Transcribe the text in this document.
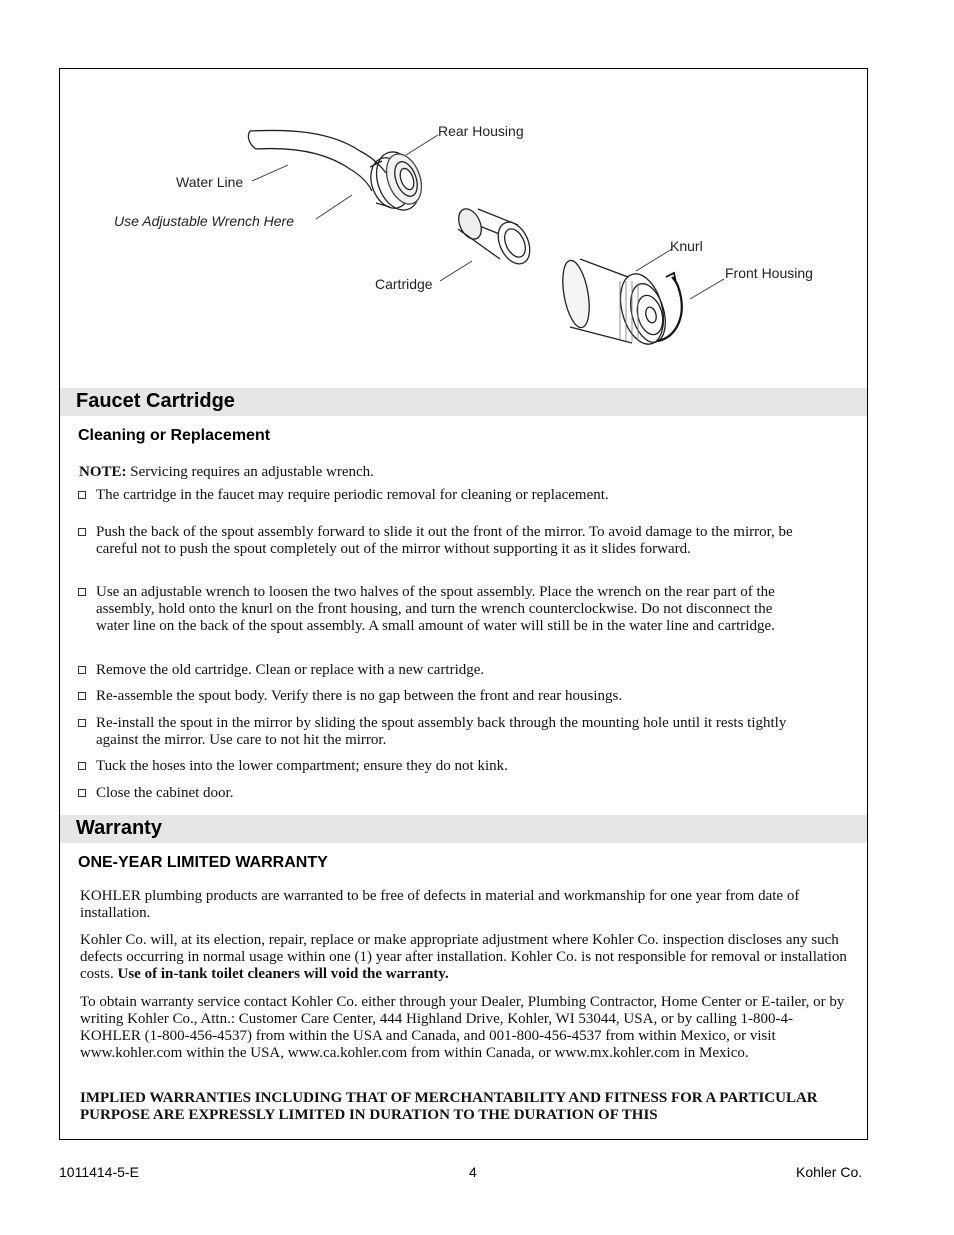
Rear Housing
Water Line
Use Adjustable Wrench Here
Cartridge
Knurl
Front Housing
Faucet Cartridge
Cleaning or Replacement

NOTE: Servicing requires an adjustable wrench.

The cartridge in the faucet may require periodic removal for cleaning or replacement.
Push the back of the spout assembly forward to slide it out the front of the mirror. To avoid damage to the mirror, be careful not to push the spout completely out of the mirror without supporting it as it slides forward.
Use an adjustable wrench to loosen the two halves of the spout assembly. Place the wrench on the rear part of the assembly, hold onto the knurl on the front housing, and turn the wrench counterclockwise. Do not disconnect the water line on the back of the spout assembly. A small amount of water will still be in the water line and cartridge.
Remove the old cartridge. Clean or replace with a new cartridge.
Re-assemble the spout body. Verify there is no gap between the front and rear housings.
Re-install the spout in the mirror by sliding the spout assembly back through the mounting hole until it rests tightly against the mirror. Use care to not hit the mirror.
Tuck the hoses into the lower compartment; ensure they do not kink.
Close the cabinet door.
Warranty
ONE-YEAR LIMITED WARRANTY

KOHLER plumbing products are warranted to be free of defects in material and workmanship for one year from date of installation.

Kohler Co. will, at its election, repair, replace or make appropriate adjustment where Kohler Co. inspection discloses any such defects occurring in normal usage within one (1) year after installation. Kohler Co. is not responsible for removal or installation costs. Use of in-tank toilet cleaners will void the warranty.

To obtain warranty service contact Kohler Co. either through your Dealer, Plumbing Contractor, Home Center or E-tailer, or by writing Kohler Co., Attn.: Customer Care Center, 444 Highland Drive, Kohler, WI 53044, USA, or by calling 1-800-4-KOHLER (1-800-456-4537) from within the USA and Canada, and 001-800-456-4537 from within Mexico, or visit www.kohler.com within the USA, www.ca.kohler.com from within Canada, or www.mx.kohler.com in Mexico.

IMPLIED WARRANTIES INCLUDING THAT OF MERCHANTABILITY AND FITNESS FOR A PARTICULAR PURPOSE ARE EXPRESSLY LIMITED IN DURATION TO THE DURATION OF THIS

1011414-5-E	4	Kohler Co.
